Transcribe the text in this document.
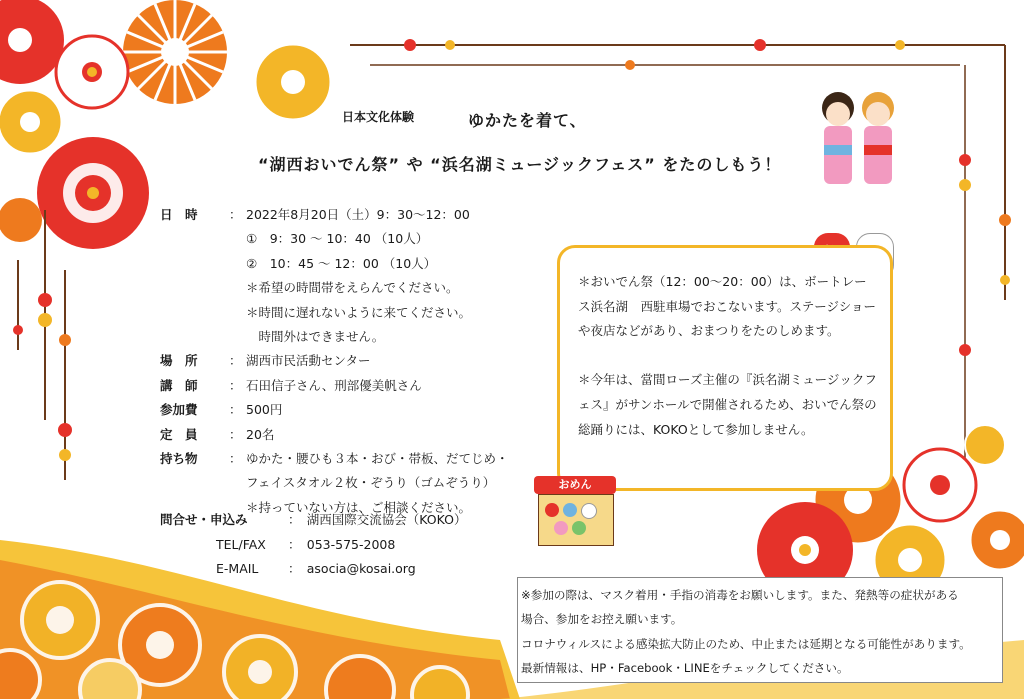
日本文化体験	ゆかたを着て、
“湖西おいでん祭” や “浜名湖ミュージックフェス” をたのしもう！
日　時	： 2022年8月20日（土）9：30～12：00
①　9：30 ～ 10：40 （10人）
②　10：45 ～ 12：00 （10人）
＊希望の時間帯をえらんでください。
＊時間に遅れないように来てください。
　時間外はできません。
場　所	： 湖西市民活動センター
講　師	： 石田信子さん、刑部優美帆さん
参加費	： 500円
定　員	： 20名
持ち物	： ゆかた・腰ひも３本・おび・帯板、だてじめ・
フェイスタオル２枚・ぞうり（ゴムぞうり）
＊持っていない方は、ご相談ください。
問合せ・申込み	：　湖西国際交流協会（KOKO）
TEL/FAX ：　053-575-2008
E-MAIL ：　asocia@kosai.org

＊おいでん祭（12：00～20：00）は、ボートレース浜名湖　西駐車場でおこないます。ステージショーや夜店などがあり、おまつりをたのしめます。

＊今年は、當間ローズ主催の『浜名湖ミュージックフェス』がサンホールで開催されるため、おいでん祭の総踊りには、KOKOとして参加しません。

おめん
※参加の際は、マスク着用・手指の消毒をお願いします。また、発熱等の症状がある
場合、参加をお控え願います。
コロナウィルスによる感染拡大防止のため、中止または延期となる可能性があります。
最新情報は、HP・Facebook・LINEをチェックしてください。
